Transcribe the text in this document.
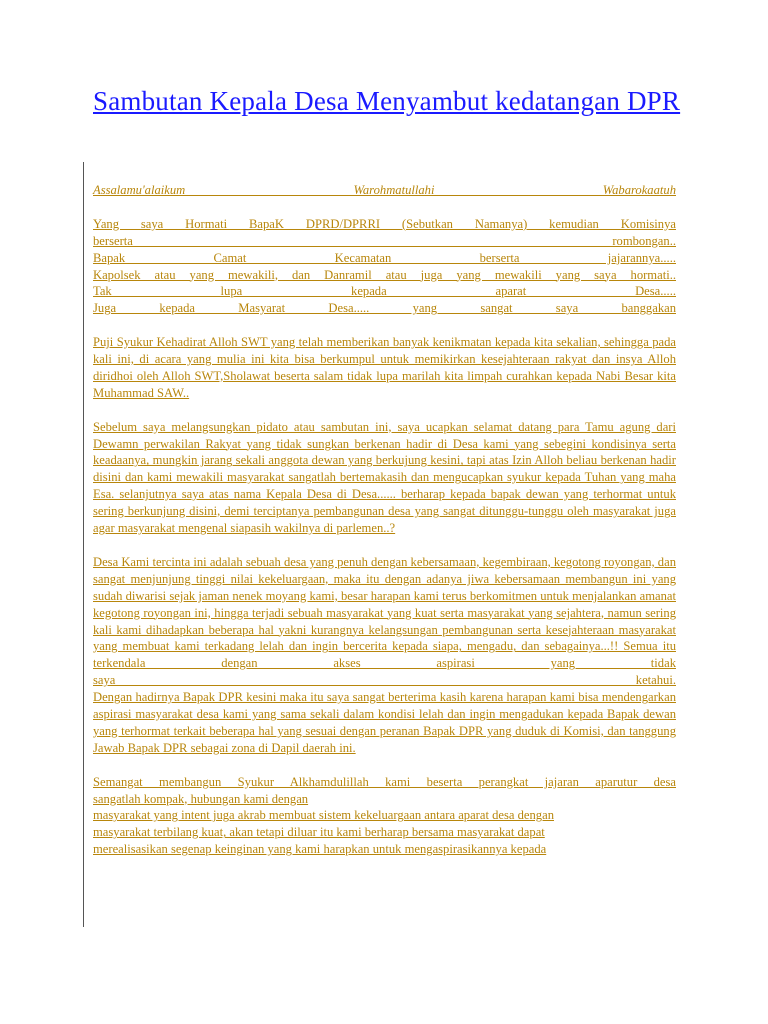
Sambutan Kepala Desa Menyambut kedatangan DPR

Assalamu'alaikum Warohmatullahi Wabarokaatuh

Yang saya Hormati BapaK DPRD/DPRRI (Sebutkan Namanya) kemudian Komisinya
berserta rombongan..
Bapak Camat Kecamatan berserta jajarannya.....
Kapolsek atau yang mewakili, dan Danramil atau juga yang mewakili yang saya hormati..
Tak lupa kepada aparat Desa.....
Juga kepada Masyarat Desa..... yang sangat saya banggakan

Puji Syukur Kehadirat Alloh SWT yang telah memberikan banyak kenikmatan kepada kita sekalian, sehingga pada kali ini, di acara yang mulia ini kita bisa berkumpul untuk memikirkan kesejahteraan rakyat dan insya Alloh diridhoi oleh Alloh SWT,Sholawat beserta salam tidak lupa marilah kita limpah curahkan kepada Nabi Besar kita Muhammad SAW..

Sebelum saya melangsungkan pidato atau sambutan ini, saya ucapkan selamat datang para Tamu agung dari Dewamn perwakilan Rakyat yang tidak sungkan berkenan hadir di Desa kami yang sebegini kondisinya serta keadaanya, mungkin jarang sekali anggota dewan yang berkujung kesini, tapi atas Izin Alloh beliau berkenan hadir disini dan kami mewakili masyarakat sangatlah bertemakasih dan mengucapkan syukur kepada Tuhan yang maha Esa. selanjutnya saya atas nama Kepala Desa di Desa...... berharap kepada bapak dewan yang terhormat untuk sering berkunjung disini, demi terciptanya pembangunan desa yang sangat ditunggu-tunggu oleh masyarakat juga agar masyarakat mengenal siapasih wakilnya di parlemen..?

Desa Kami tercinta ini adalah sebuah desa yang penuh dengan kebersamaan, kegembiraan, kegotong royongan, dan sangat menjunjung tinggi nilai kekeluargaan, maka itu dengan adanya jiwa kebersamaan membangun ini yang sudah diwarisi sejak jaman nenek moyang kami, besar harapan kami terus berkomitmen untuk menjalankan amanat kegotong royongan ini, hingga terjadi sebuah masyarakat yang kuat serta masyarakat yang sejahtera, namun sering kali kami dihadapkan beberapa hal yakni kurangnya kelangsungan pembangunan serta kesejahteraan masyarakat yang membuat kami terkadang lelah dan ingin bercerita kepada siapa, mengadu, dan sebagainya...!! Semua itu terkendala dengan akses aspirasi yang tidak
saya ketahui.
Dengan hadirnya Bapak DPR kesini maka itu saya sangat berterima kasih karena harapan kami bisa mendengarkan aspirasi masyarakat desa kami yang sama sekali dalam kondisi lelah dan ingin mengadukan kepada Bapak dewan yang terhormat terkait beberapa hal yang sesuai dengan peranan Bapak DPR yang duduk di Komisi, dan tanggung Jawab Bapak DPR sebagai zona di Dapil daerah ini.
Semangat membangun Syukur Alkhamdulillah kami beserta perangkat jajaran aparutur desa
sangatlah kompak, hubungan kami dengan
masyarakat yang intent juga akrab membuat sistem kekeluargaan antara aparat desa dengan
masyarakat terbilang kuat, akan tetapi diluar itu kami berharap bersama masyarakat dapat
merealisasikan segenap keinginan yang kami harapkan untuk mengaspirasikannya kepada
